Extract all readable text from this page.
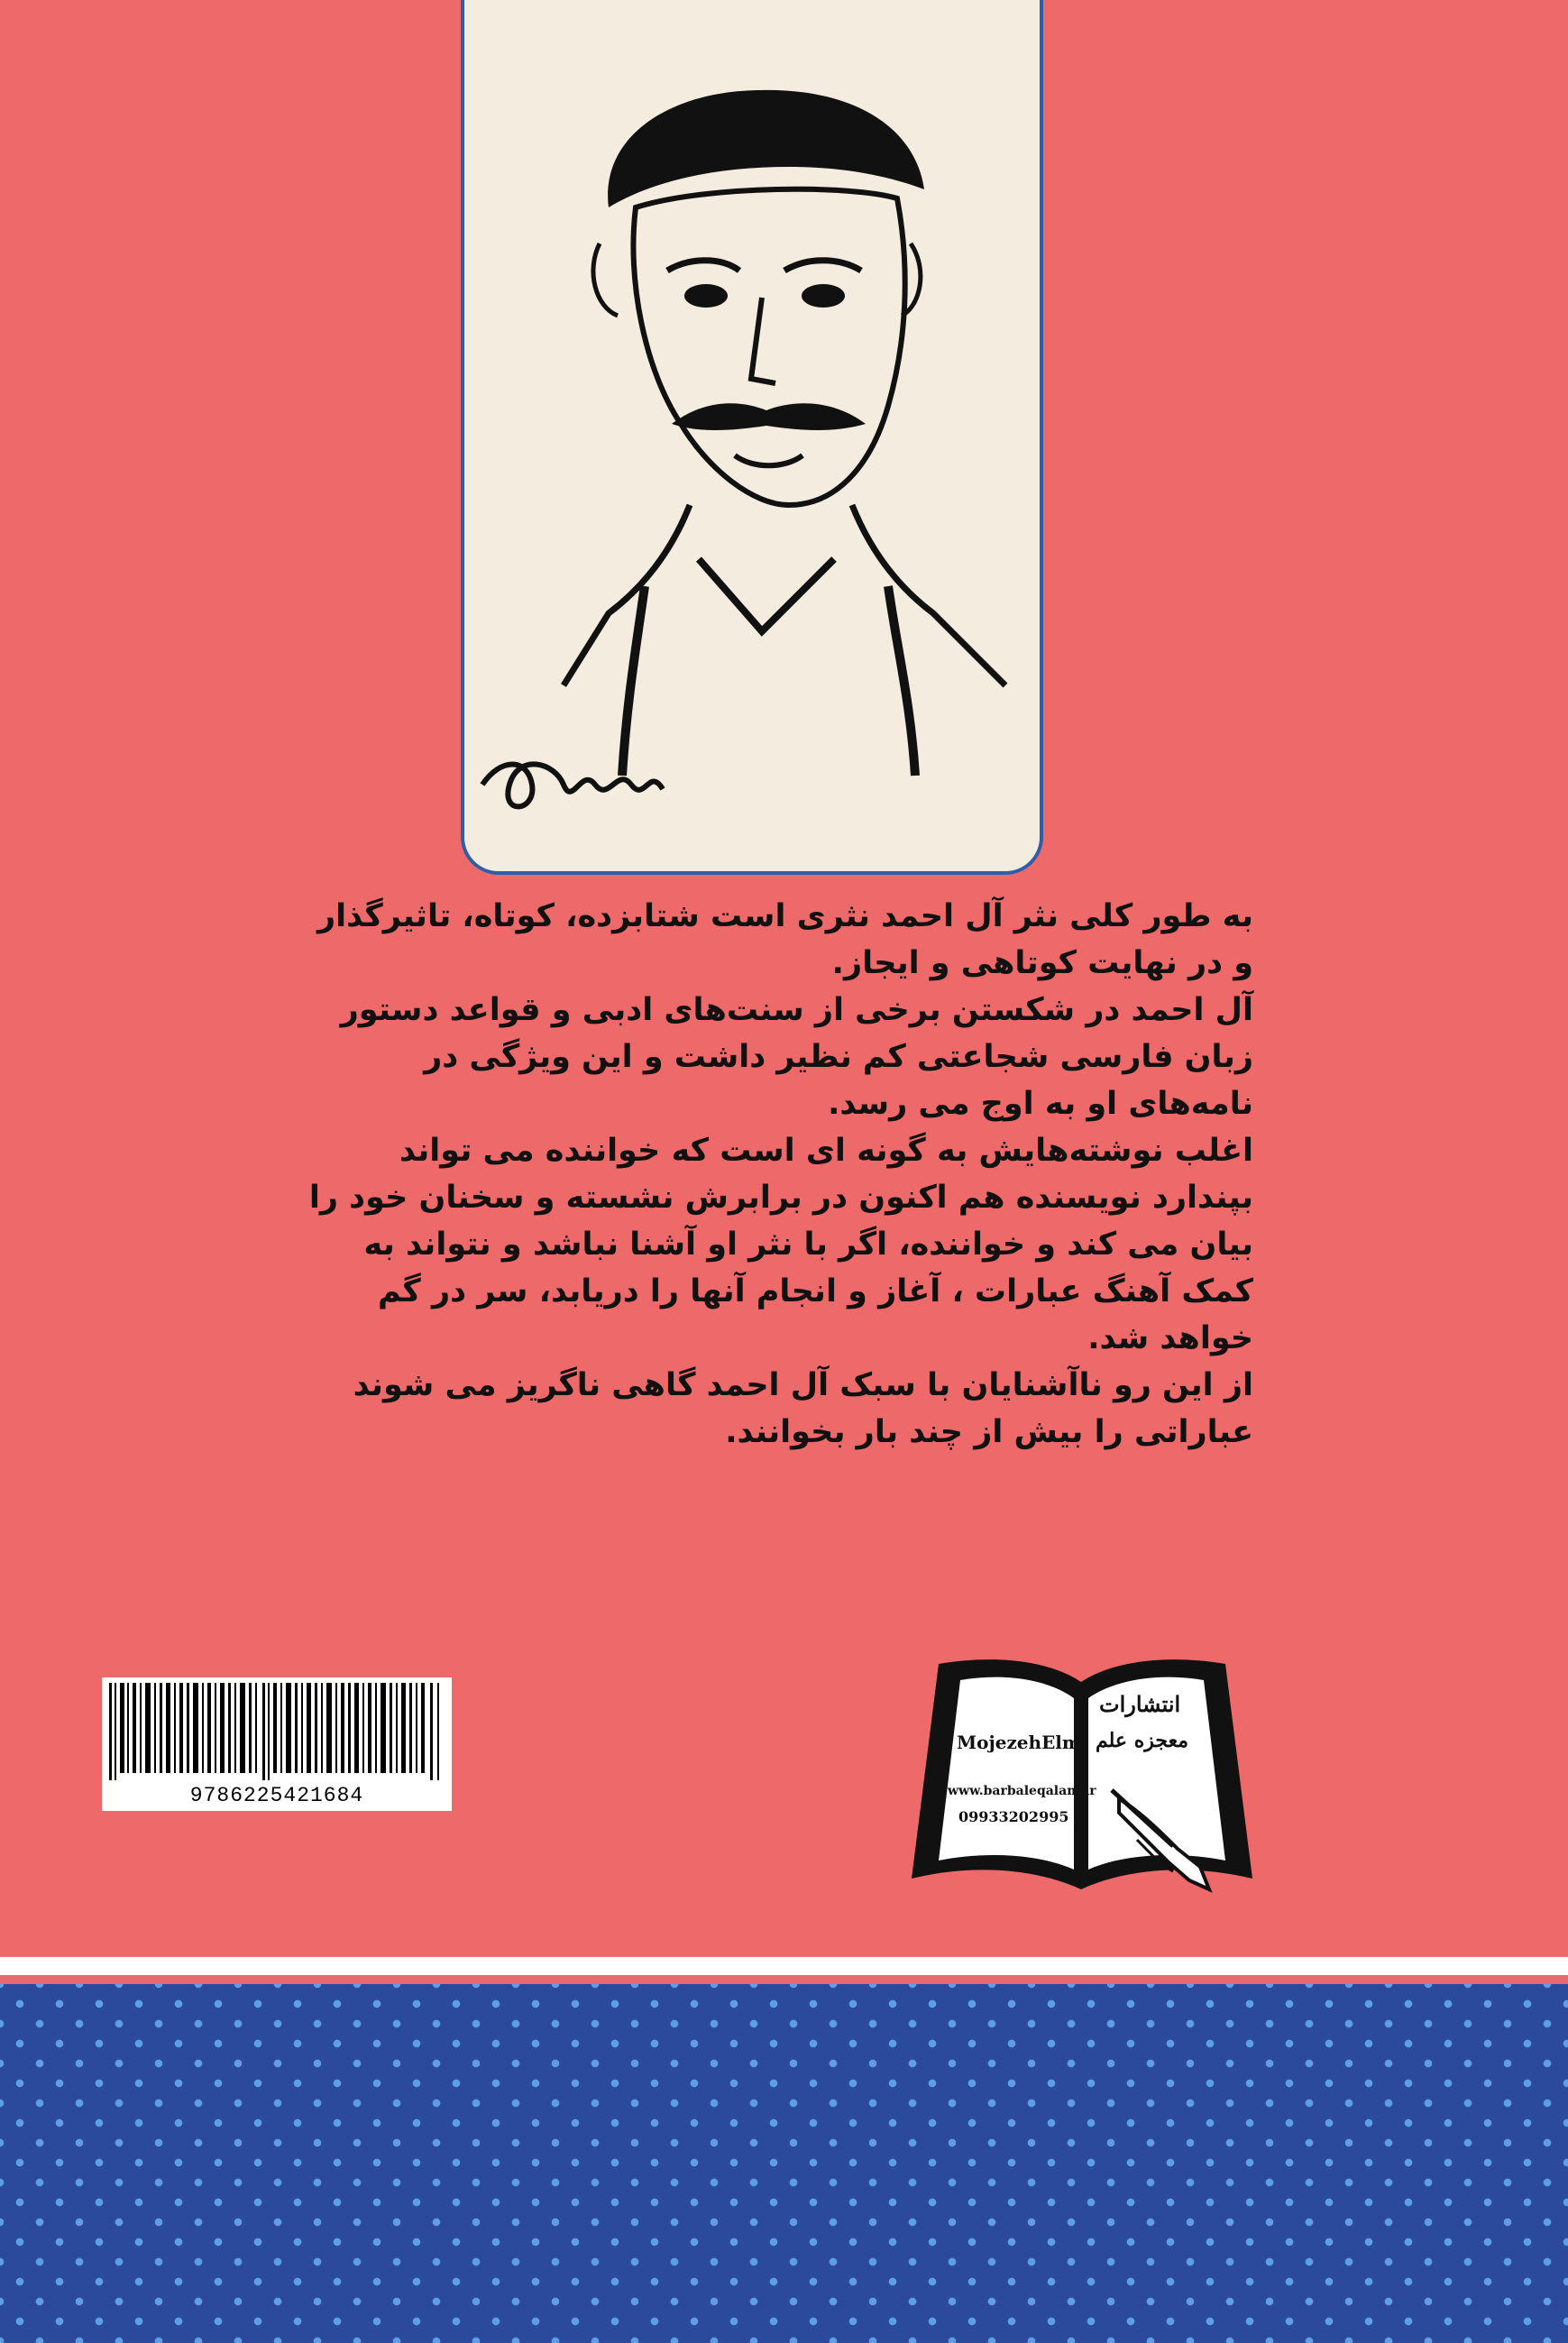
به طور کلی نثر آل احمد نثری است شتابزده، کوتاه، تاثیرگذار و در نهایت کوتاهی و ایجاز.

آل احمد در شکستن برخی از سنت‌های ادبی و قواعد دستور زبان فارسی شجاعتی کم نظیر داشت و این ویژگی در نامه‌های او به اوج می رسد.

اغلب نوشته‌هایش به گونه ای است که خواننده می تواند بپندارد نویسنده هم اکنون در برابرش نشسته و سخنان خود را بیان می کند و خواننده، اگر با نثر او آشنا نباشد و نتواند به کمک آهنگ عبارات ، آغاز و انجام آنها را دریابد، سر در گم خواهد شد.

از این رو ناآشنایان با سبک آل احمد گاهی ناگریز می شوند عباراتی را بیش از چند بار بخوانند.

9786225421684
انتشارات
معجزه علم
MojezehElm
www.barbaleqalam.ir
09933202995
